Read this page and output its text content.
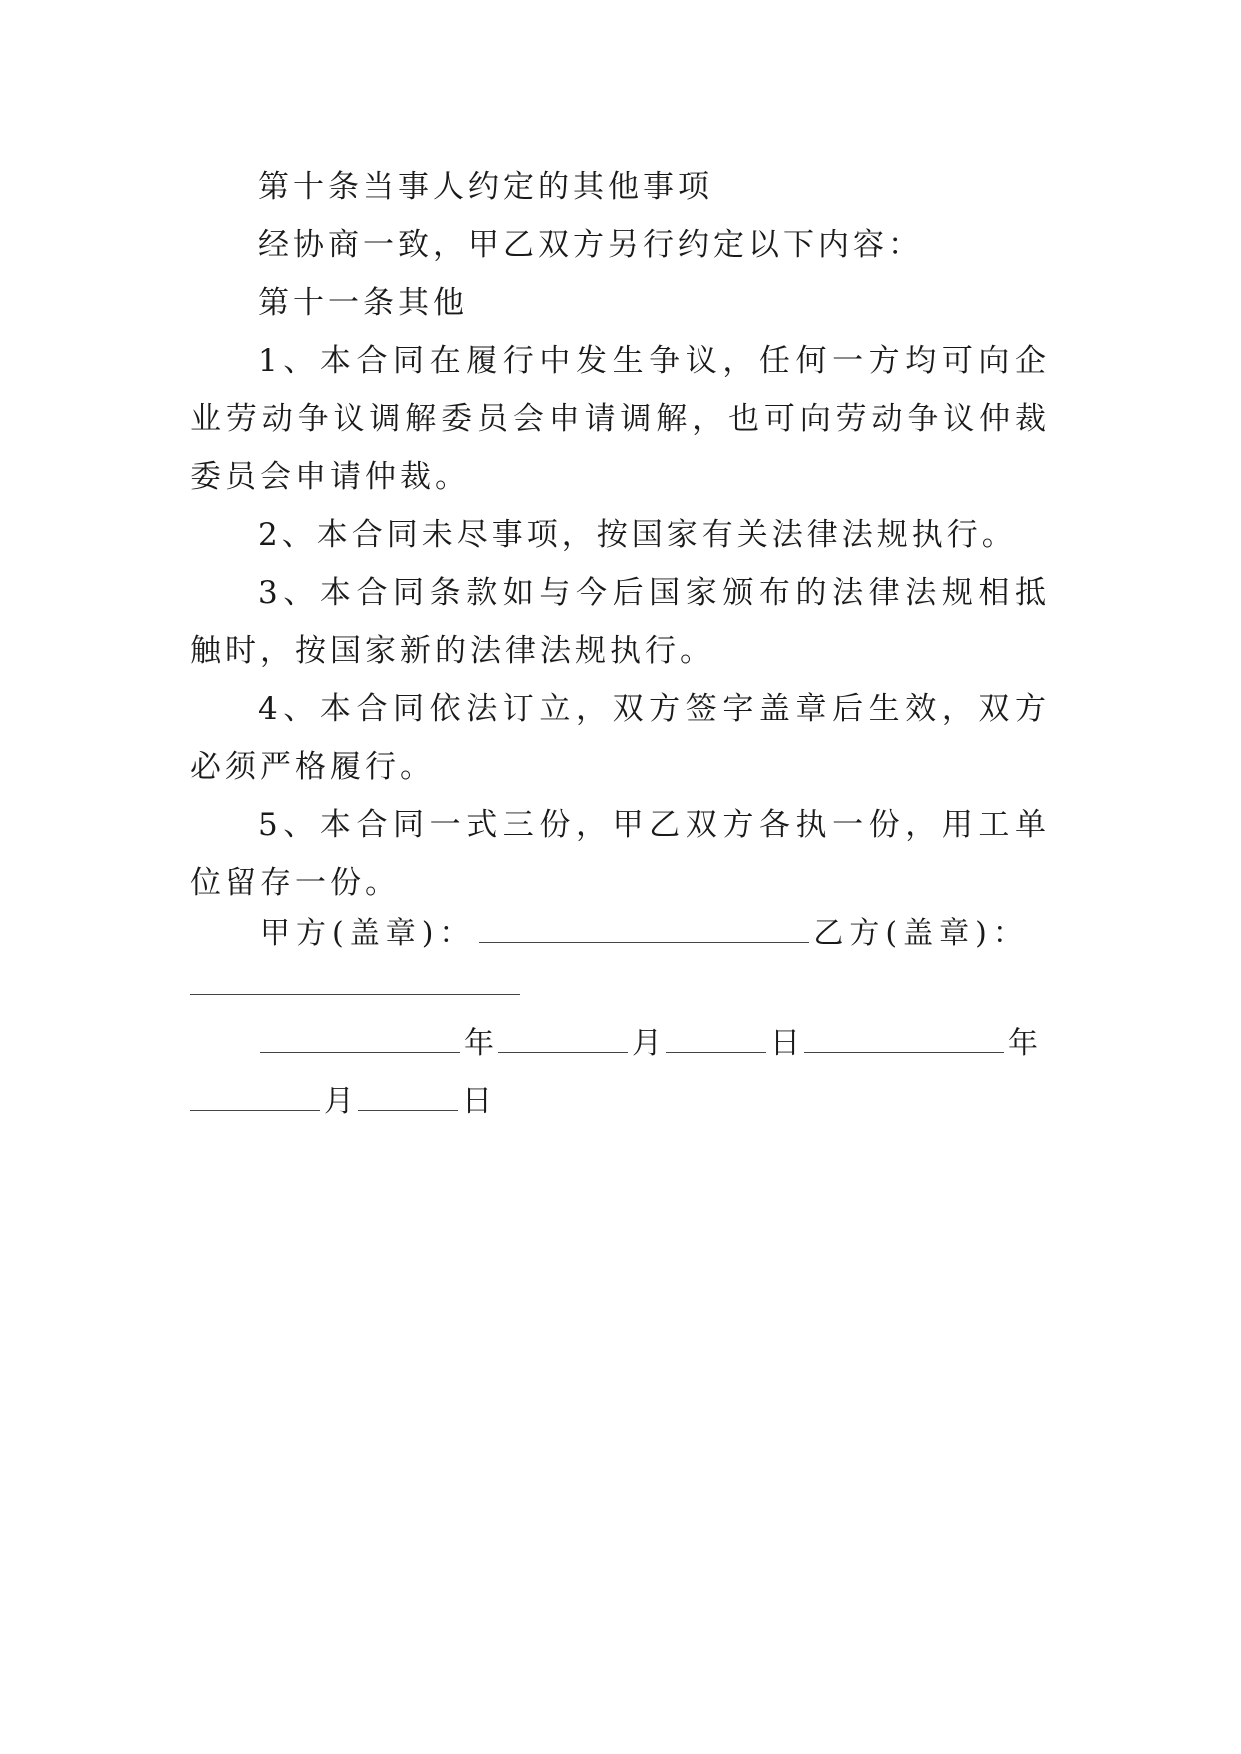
第十条当事人约定的其他事项

经协商一致，甲乙双方另行约定以下内容：

第十一条其他

1、本合同在履行中发生争议，任何一方均可向企业劳动争议调解委员会申请调解，也可向劳动争议仲裁委员会申请仲裁。

2、本合同未尽事项，按国家有关法律法规执行。

3、本合同条款如与今后国家颁布的法律法规相抵触时，按国家新的法律法规执行。

4、本合同依法订立，双方签字盖章后生效，双方必须严格履行。

5、本合同一式三份，甲乙双方各执一份，用工单位留存一份。

甲方(盖章)：	乙方(盖章)：
年	月	日	年
月	日
